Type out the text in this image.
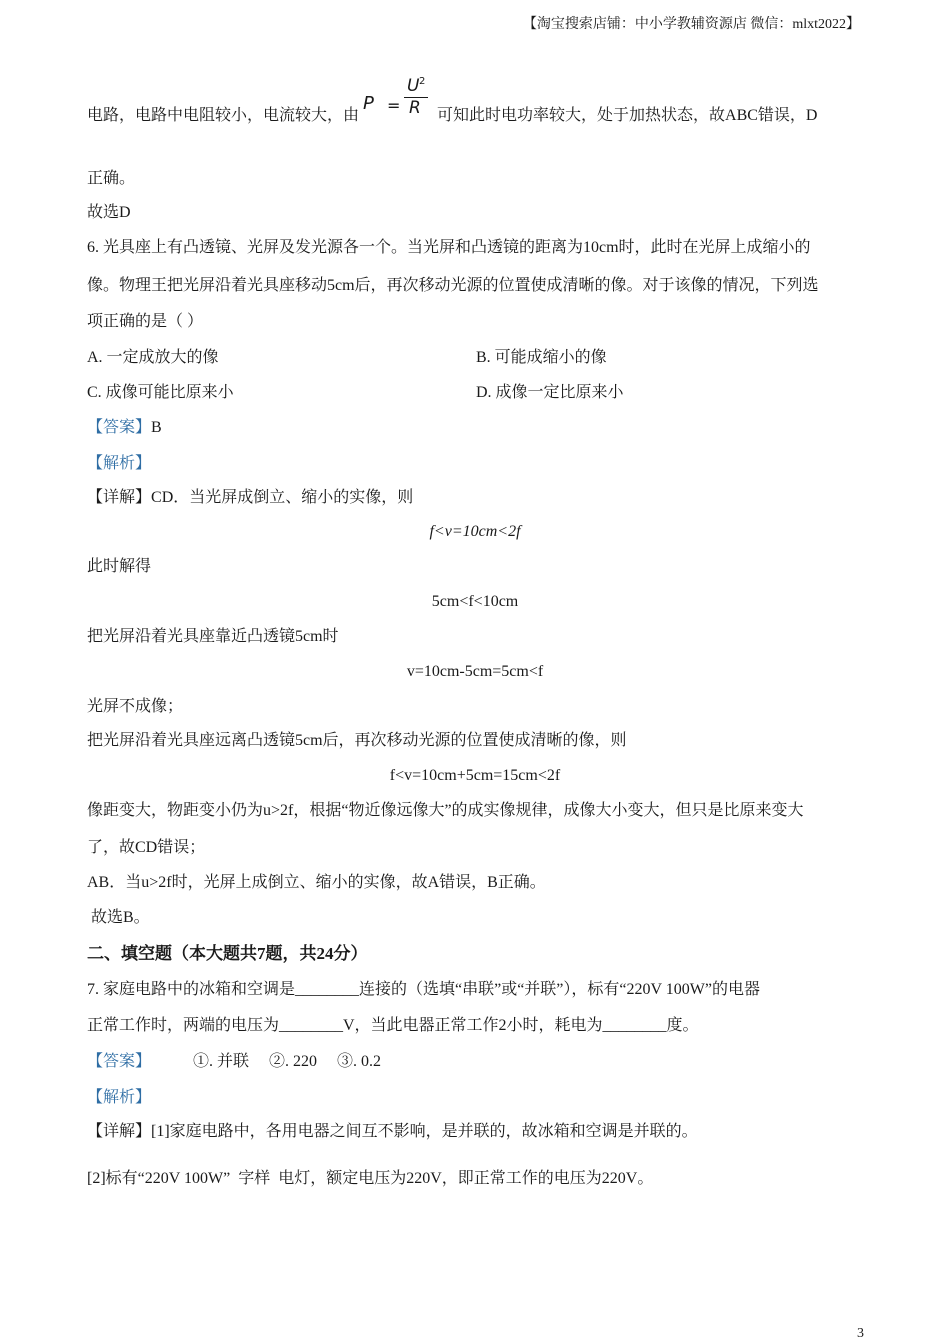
【淘宝搜索店铺：中小学教辅资源店 微信：mlxt2022】
电路，电路中电阻较小，电流较大，由
P =
U 2
R 可知此时电功率较大，处于加热状态，故ABC错误，D
正确。
故选D
6. 光具座上有凸透镜、光屏及发光源各一个。当光屏和凸透镜的距离为10cm时，此时在光屏上成缩小的
像。物理王把光屏沿着光具座移动5cm后，再次移动光源的位置使成清晰的像。对于该像的情况，下列选
项正确的是（ ）
A. 一定成放大的像	B. 可能成缩小的像
C. 成像可能比原来小	D. 成像一定比原来小
【答案】B
【解析】
【详解】CD．当光屏成倒立、缩小的实像，则
f<v=10cm<2f
此时解得
5cm<f<10cm
把光屏沿着光具座靠近凸透镜5cm时
v=10cm-5cm=5cm<f
光屏不成像；
把光屏沿着光具座远离凸透镜5cm后，再次移动光源的位置使成清晰的像，则
f<v=10cm+5cm=15cm<2f
像距变大，物距变小仍为u>2f，根据“物近像远像大”的成实像规律，成像大小变大，但只是比原来变大
了，故CD错误；
AB．当u>2f时，光屏上成倒立、缩小的实像，故A错误，B正确。
故选B。
二、填空题（本大题共7题，共24分）
7. 家庭电路中的冰箱和空调是________连接的（选填“串联”或“并联”），标有“220V 100W”的电器
正常工作时，两端的电压为________V，当此电器正常工作2小时，耗电为________度。
【答案】	①. 并联     ②. 220     ③. 0.2
【解析】
【详解】[1]家庭电路中，各用电器之间互不影响，是并联的，故冰箱和空调是并联的。
[2]标有“220V 100W”  字样  电灯，额定电压为220V，即正常工作的电压为220V。
3
